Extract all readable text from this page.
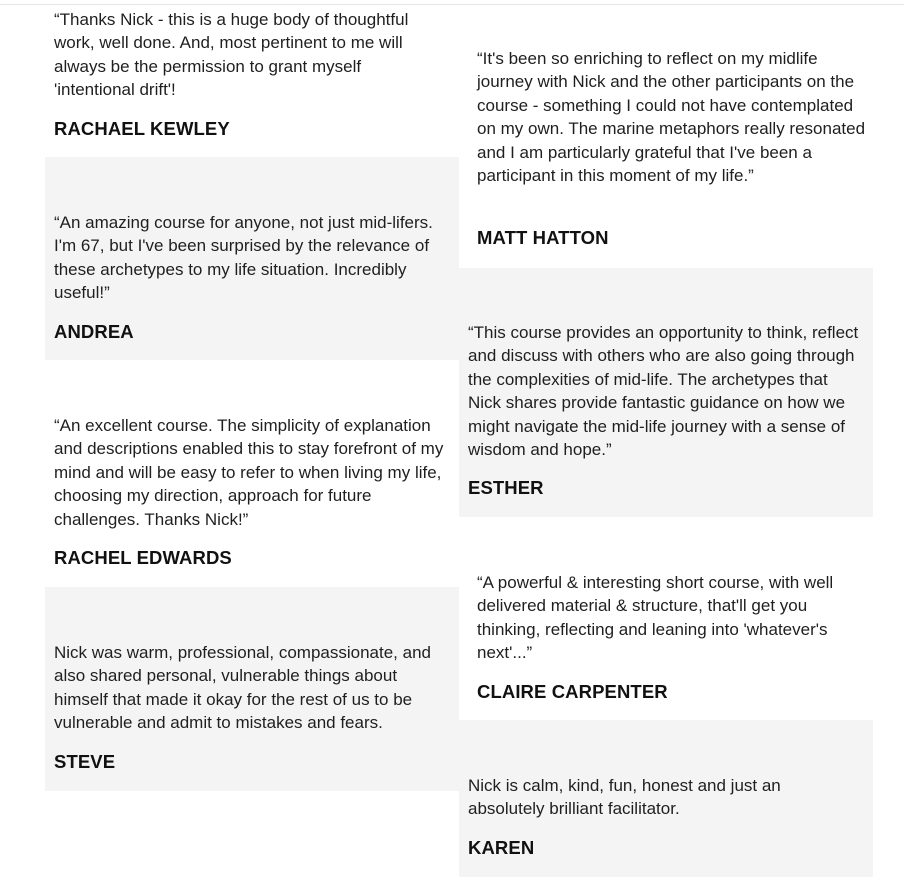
“Thanks Nick - this is a huge body of thoughtful work, well done. And, most pertinent to me will always be the permission to grant myself 'intentional drift'!

RACHAEL KEWLEY

“An amazing course for anyone, not just mid-lifers. I'm 67, but I've been surprised by the relevance of these archetypes to my life situation. Incredibly useful!”

ANDREA

“An excellent course. The simplicity of explanation and descriptions enabled this to stay forefront of my mind and will be easy to refer to when living my life, choosing my direction, approach for future challenges. Thanks Nick!”

RACHEL EDWARDS

Nick was warm, professional, compassionate, and also shared personal, vulnerable things about himself that made it okay for the rest of us to be vulnerable and admit to mistakes and fears.

STEVE

“It's been so enriching to reflect on my midlife journey with Nick and the other participants on the course - something I could not have contemplated on my own. The marine metaphors really resonated and I am particularly grateful that I've been a participant in this moment of my life.”

MATT HATTON

“This course provides an opportunity to think, reflect and discuss with others who are also going through the complexities of mid-life. The archetypes that Nick shares provide fantastic guidance on how we might navigate the mid-life journey with a sense of wisdom and hope.”

ESTHER

“A powerful & interesting short course, with well delivered material & structure, that'll get you thinking, reflecting and leaning into 'whatever's next'...”

CLAIRE CARPENTER

Nick is calm, kind, fun, honest and just an absolutely brilliant facilitator.

KAREN
